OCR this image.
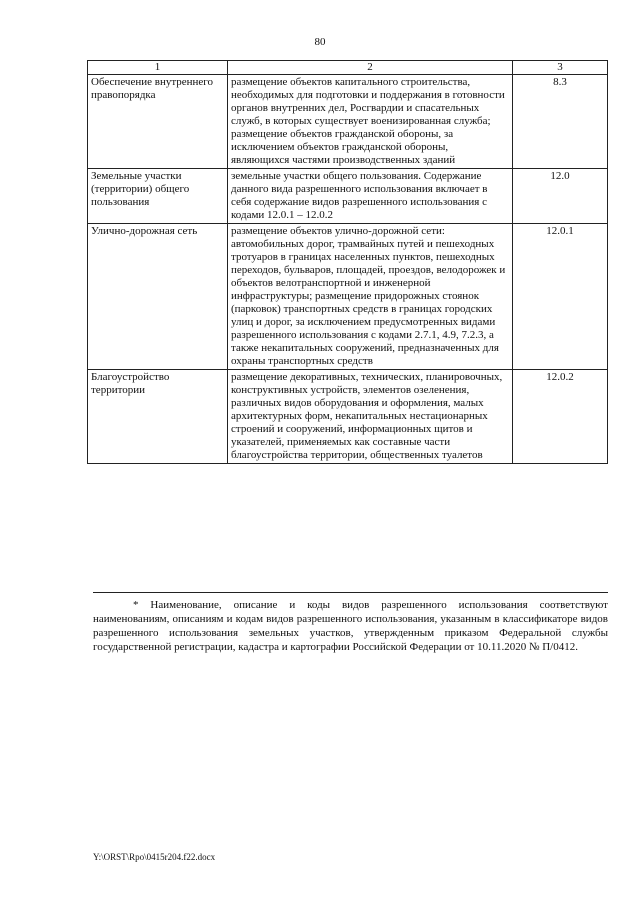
80
1	2	3
Обеспечение внутреннего правопорядка	размещение объектов капитального строительства, необходимых для подготовки и поддержания в готовности органов внутренних дел, Росгвардии и спасательных служб, в которых существует военизированная служба; размещение объектов гражданской обороны, за исключением объектов гражданской обороны, являющихся частями производственных зданий	8.3
Земельные участки (территории) общего пользования	земельные участки общего пользования. Содержание данного вида разрешенного использования включает в себя содержание видов разрешенного использования с кодами 12.0.1 – 12.0.2	12.0
Улично-дорожная сеть	размещение объектов улично-дорожной сети: автомобильных дорог, трамвайных путей и пешеходных тротуаров в границах населенных пунктов, пешеходных переходов, бульваров, площадей, проездов, велодорожек и объектов велотранспортной и инженерной инфраструктуры; размещение придорожных стоянок (парковок) транспортных средств в границах городских улиц и дорог, за исключением предусмотренных видами разрешенного использования с кодами 2.7.1, 4.9, 7.2.3, а также некапитальных сооружений, предназначенных для охраны транспортных средств	12.0.1
Благоустройство территории	размещение декоративных, технических, планировочных, конструктивных устройств, элементов озеленения, различных видов оборудования и оформления, малых архитектурных форм, некапитальных нестационарных строений и сооружений, информационных щитов и указателей, применяемых как составные части благоустройства территории, общественных туалетов	12.0.2

* Наименование, описание и коды видов разрешенного использования соответствуют наименованиям, описаниям и кодам видов разрешенного использования, указанным в классификаторе видов разрешенного использования земельных участков, утвержденным приказом Федеральной службы государственной регистрации, кадастра и картографии Российской Федерации от 10.11.2020 № П/0412.

Y:\ORST\Rpo\0415r204.f22.docx
